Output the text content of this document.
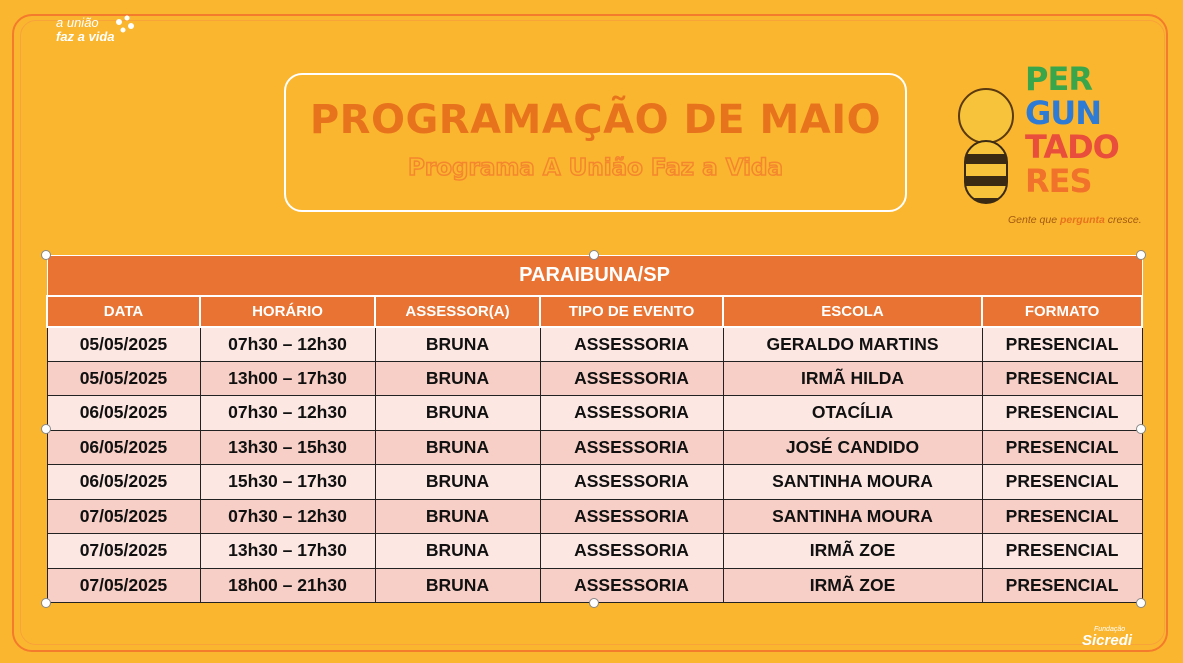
a união
faz a vida
PROGRAMAÇÃO DE MAIO
Programa A União Faz a Vida
PER
GUN
TADO
RES
Gente que pergunta cresce.
PARAIBUNA/SP					
DATA	HORÁRIO	ASSESSOR(A)	TIPO DE EVENTO	ESCOLA	FORMATO
05/05/2025	07h30 – 12h30	BRUNA	ASSESSORIA	GERALDO MARTINS	PRESENCIAL
05/05/2025	13h00 – 17h30	BRUNA	ASSESSORIA	IRMÃ HILDA	PRESENCIAL
06/05/2025	07h30 – 12h30	BRUNA	ASSESSORIA	OTACÍLIA	PRESENCIAL
06/05/2025	13h30 – 15h30	BRUNA	ASSESSORIA	JOSÉ CANDIDO	PRESENCIAL
06/05/2025	15h30 – 17h30	BRUNA	ASSESSORIA	SANTINHA MOURA	PRESENCIAL
07/05/2025	07h30 – 12h30	BRUNA	ASSESSORIA	SANTINHA MOURA	PRESENCIAL
07/05/2025	13h30 – 17h30	BRUNA	ASSESSORIA	IRMÃ ZOE	PRESENCIAL
07/05/2025	18h00 – 21h30	BRUNA	ASSESSORIA	IRMÃ ZOE	PRESENCIAL
Fundação
Sicredi
